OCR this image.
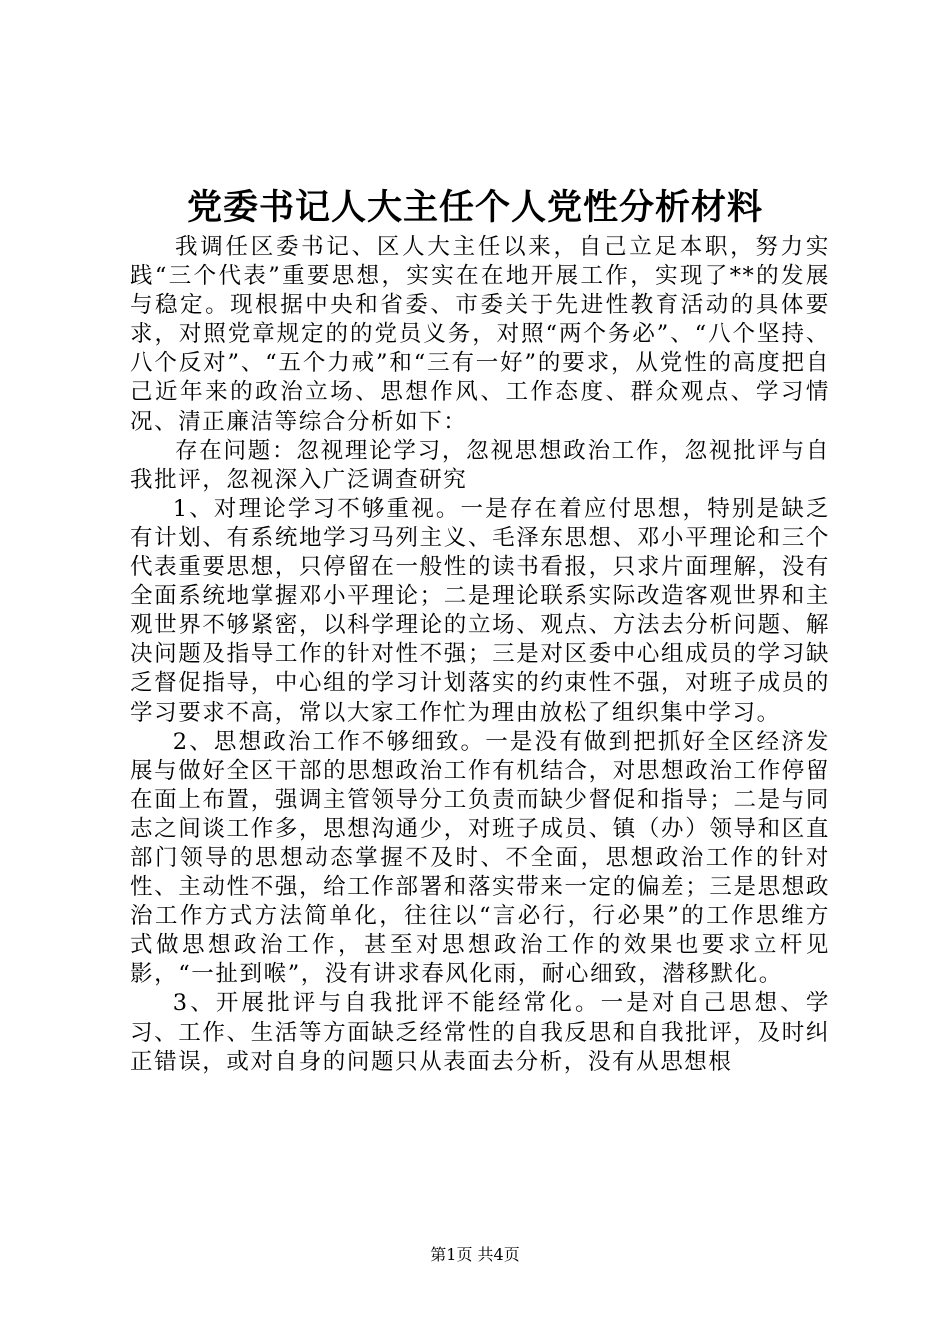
党委书记人大主任个人党性分析材料

我调任区委书记、区人大主任以来，自己立足本职，努力实践“三个代表”重要思想，实实在在地开展工作，实现了**的发展与稳定。现根据中央和省委、市委关于先进性教育活动的具体要求，对照党章规定的的党员义务，对照“两个务必”、“八个坚持、八个反对”、“五个力戒”和“三有一好”的要求，从党性的高度把自己近年来的政治立场、思想作风、工作态度、群众观点、学习情况、清正廉洁等综合分析如下：

存在问题：忽视理论学习，忽视思想政治工作，忽视批评与自我批评，忽视深入广泛调查研究

1、对理论学习不够重视。一是存在着应付思想，特别是缺乏有计划、有系统地学习马列主义、毛泽东思想、邓小平理论和三个代表重要思想，只停留在一般性的读书看报，只求片面理解，没有全面系统地掌握邓小平理论；二是理论联系实际改造客观世界和主观世界不够紧密，以科学理论的立场、观点、方法去分析问题、解决问题及指导工作的针对性不强；三是对区委中心组成员的学习缺乏督促指导，中心组的学习计划落实的约束性不强，对班子成员的学习要求不高，常以大家工作忙为理由放松了组织集中学习。

2、思想政治工作不够细致。一是没有做到把抓好全区经济发展与做好全区干部的思想政治工作有机结合，对思想政治工作停留在面上布置，强调主管领导分工负责而缺少督促和指导；二是与同志之间谈工作多，思想沟通少，对班子成员、镇（办）领导和区直部门领导的思想动态掌握不及时、不全面，思想政治工作的针对性、主动性不强，给工作部署和落实带来一定的偏差；三是思想政治工作方式方法简单化，往往以“言必行，行必果”的工作思维方式做思想政治工作，甚至对思想政治工作的效果也要求立杆见影，“一扯到喉”，没有讲求春风化雨，耐心细致，潜移默化。

3、开展批评与自我批评不能经常化。一是对自己思想、学习、工作、生活等方面缺乏经常性的自我反思和自我批评，及时纠正错误，或对自身的问题只从表面去分析，没有从思想根

第1页 共4页
